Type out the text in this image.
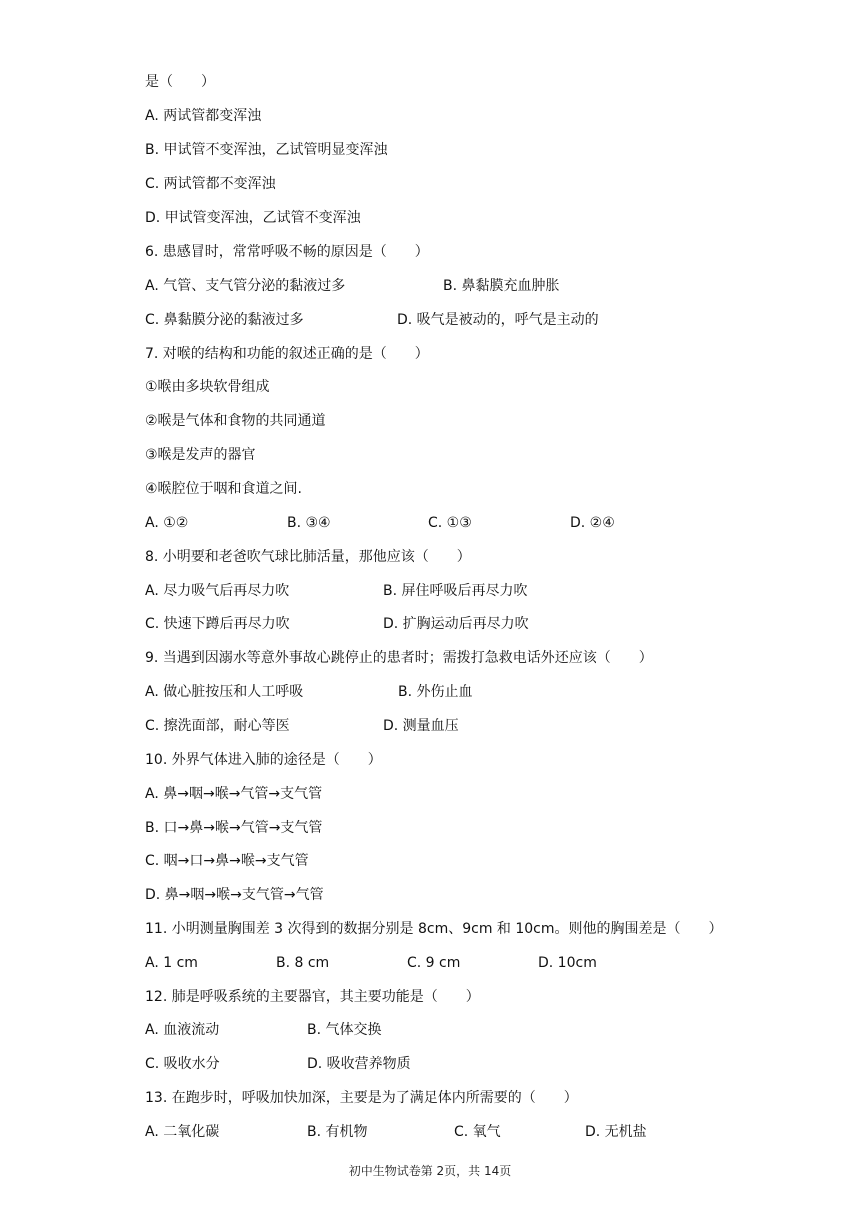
是（　　）
A. 两试管都变浑浊
B. 甲试管不变浑浊，乙试管明显变浑浊
C. 两试管都不变浑浊
D. 甲试管变浑浊，乙试管不变浑浊
6. 患感冒时，常常呼吸不畅的原因是（　　）
A. 气管、支气管分泌的黏液过多	B. 鼻黏膜充血肿胀
C. 鼻黏膜分泌的黏液过多	D. 吸气是被动的，呼气是主动的
7. 对喉的结构和功能的叙述正确的是（　　）
①喉由多块软骨组成
②喉是气体和食物的共同通道
③喉是发声的器官
④喉腔位于咽和食道之间.
A. ①②	B. ③④	C. ①③	D. ②④
8. 小明要和老爸吹气球比肺活量，那他应该（　　）
A. 尽力吸气后再尽力吹	B. 屏住呼吸后再尽力吹
C. 快速下蹲后再尽力吹	D. 扩胸运动后再尽力吹
9. 当遇到因溺水等意外事故心跳停止的患者时；需拨打急救电话外还应该（　　）
A. 做心脏按压和人工呼吸	B. 外伤止血
C. 擦洗面部，耐心等医	D. 测量血压
10. 外界气体进入肺的途径是（　　）
A. 鼻→咽→喉→气管→支气管
B. 口→鼻→喉→气管→支气管
C. 咽→口→鼻→喉→支气管
D. 鼻→咽→喉→支气管→气管
11. 小明测量胸围差 3 次得到的数据分别是 8cm、9cm 和 10cm。则他的胸围差是（　　）
A. 1 cm	B. 8 cm	C. 9 cm	D. 10cm
12. 肺是呼吸系统的主要器官，其主要功能是（　　）
A. 血液流动	B. 气体交换
C. 吸收水分	D. 吸收营养物质
13. 在跑步时，呼吸加快加深，主要是为了满足体内所需要的（　　）
A. 二氧化碳	B. 有机物	C. 氧气	D. 无机盐
初中生物试卷第 2页，共 14页
